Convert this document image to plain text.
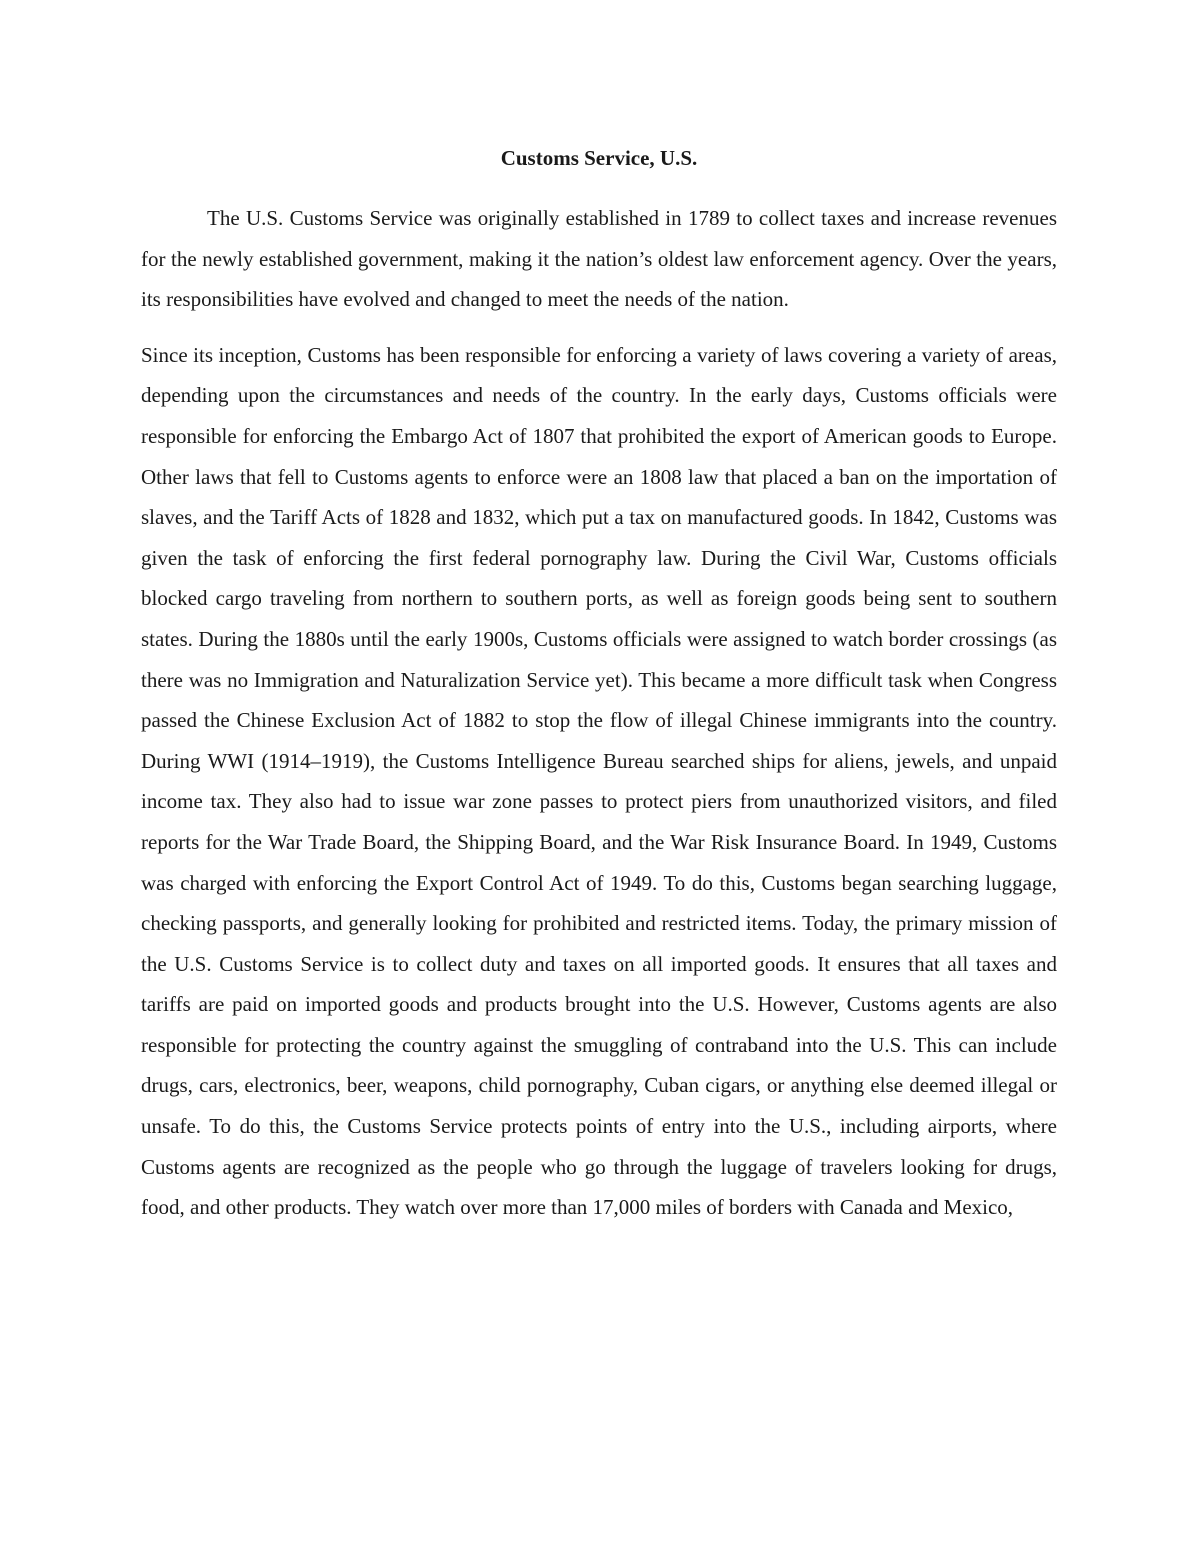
Customs Service, U.S.

The U.S. Customs Service was originally established in 1789 to collect taxes and increase revenues for the newly established government, making it the nation’s oldest law enforcement agency. Over the years, its responsibilities have evolved and changed to meet the needs of the nation.

Since its inception, Customs has been responsible for enforcing a variety of laws covering a variety of areas, depending upon the circumstances and needs of the country. In the early days, Customs officials were responsible for enforcing the Embargo Act of 1807 that prohibited the export of American goods to Europe. Other laws that fell to Customs agents to enforce were an 1808 law that placed a ban on the importation of slaves, and the Tariff Acts of 1828 and 1832, which put a tax on manufactured goods. In 1842, Customs was given the task of enforcing the first federal pornography law. During the Civil War, Customs officials blocked cargo traveling from northern to southern ports, as well as foreign goods being sent to southern states. During the 1880s until the early 1900s, Customs officials were assigned to watch border crossings (as there was no Immigration and Naturalization Service yet). This became a more difficult task when Congress passed the Chinese Exclusion Act of 1882 to stop the flow of illegal Chinese immigrants into the country. During WWI (1914–1919), the Customs Intelligence Bureau searched ships for aliens, jewels, and unpaid income tax. They also had to issue war zone passes to protect piers from unauthorized visitors, and filed reports for the War Trade Board, the Shipping Board, and the War Risk Insurance Board. In 1949, Customs was charged with enforcing the Export Control Act of 1949. To do this, Customs began searching luggage, checking passports, and generally looking for prohibited and restricted items. Today, the primary mission of the U.S. Customs Service is to collect duty and taxes on all imported goods. It ensures that all taxes and tariffs are paid on imported goods and products brought into the U.S. However, Customs agents are also responsible for protecting the country against the smuggling of contraband into the U.S. This can include drugs, cars, electronics, beer, weapons, child pornography, Cuban cigars, or anything else deemed illegal or unsafe. To do this, the Customs Service protects points of entry into the U.S., including airports, where Customs agents are recognized as the people who go through the luggage of travelers looking for drugs, food, and other products. They watch over more than 17,000 miles of borders with Canada and Mexico,
